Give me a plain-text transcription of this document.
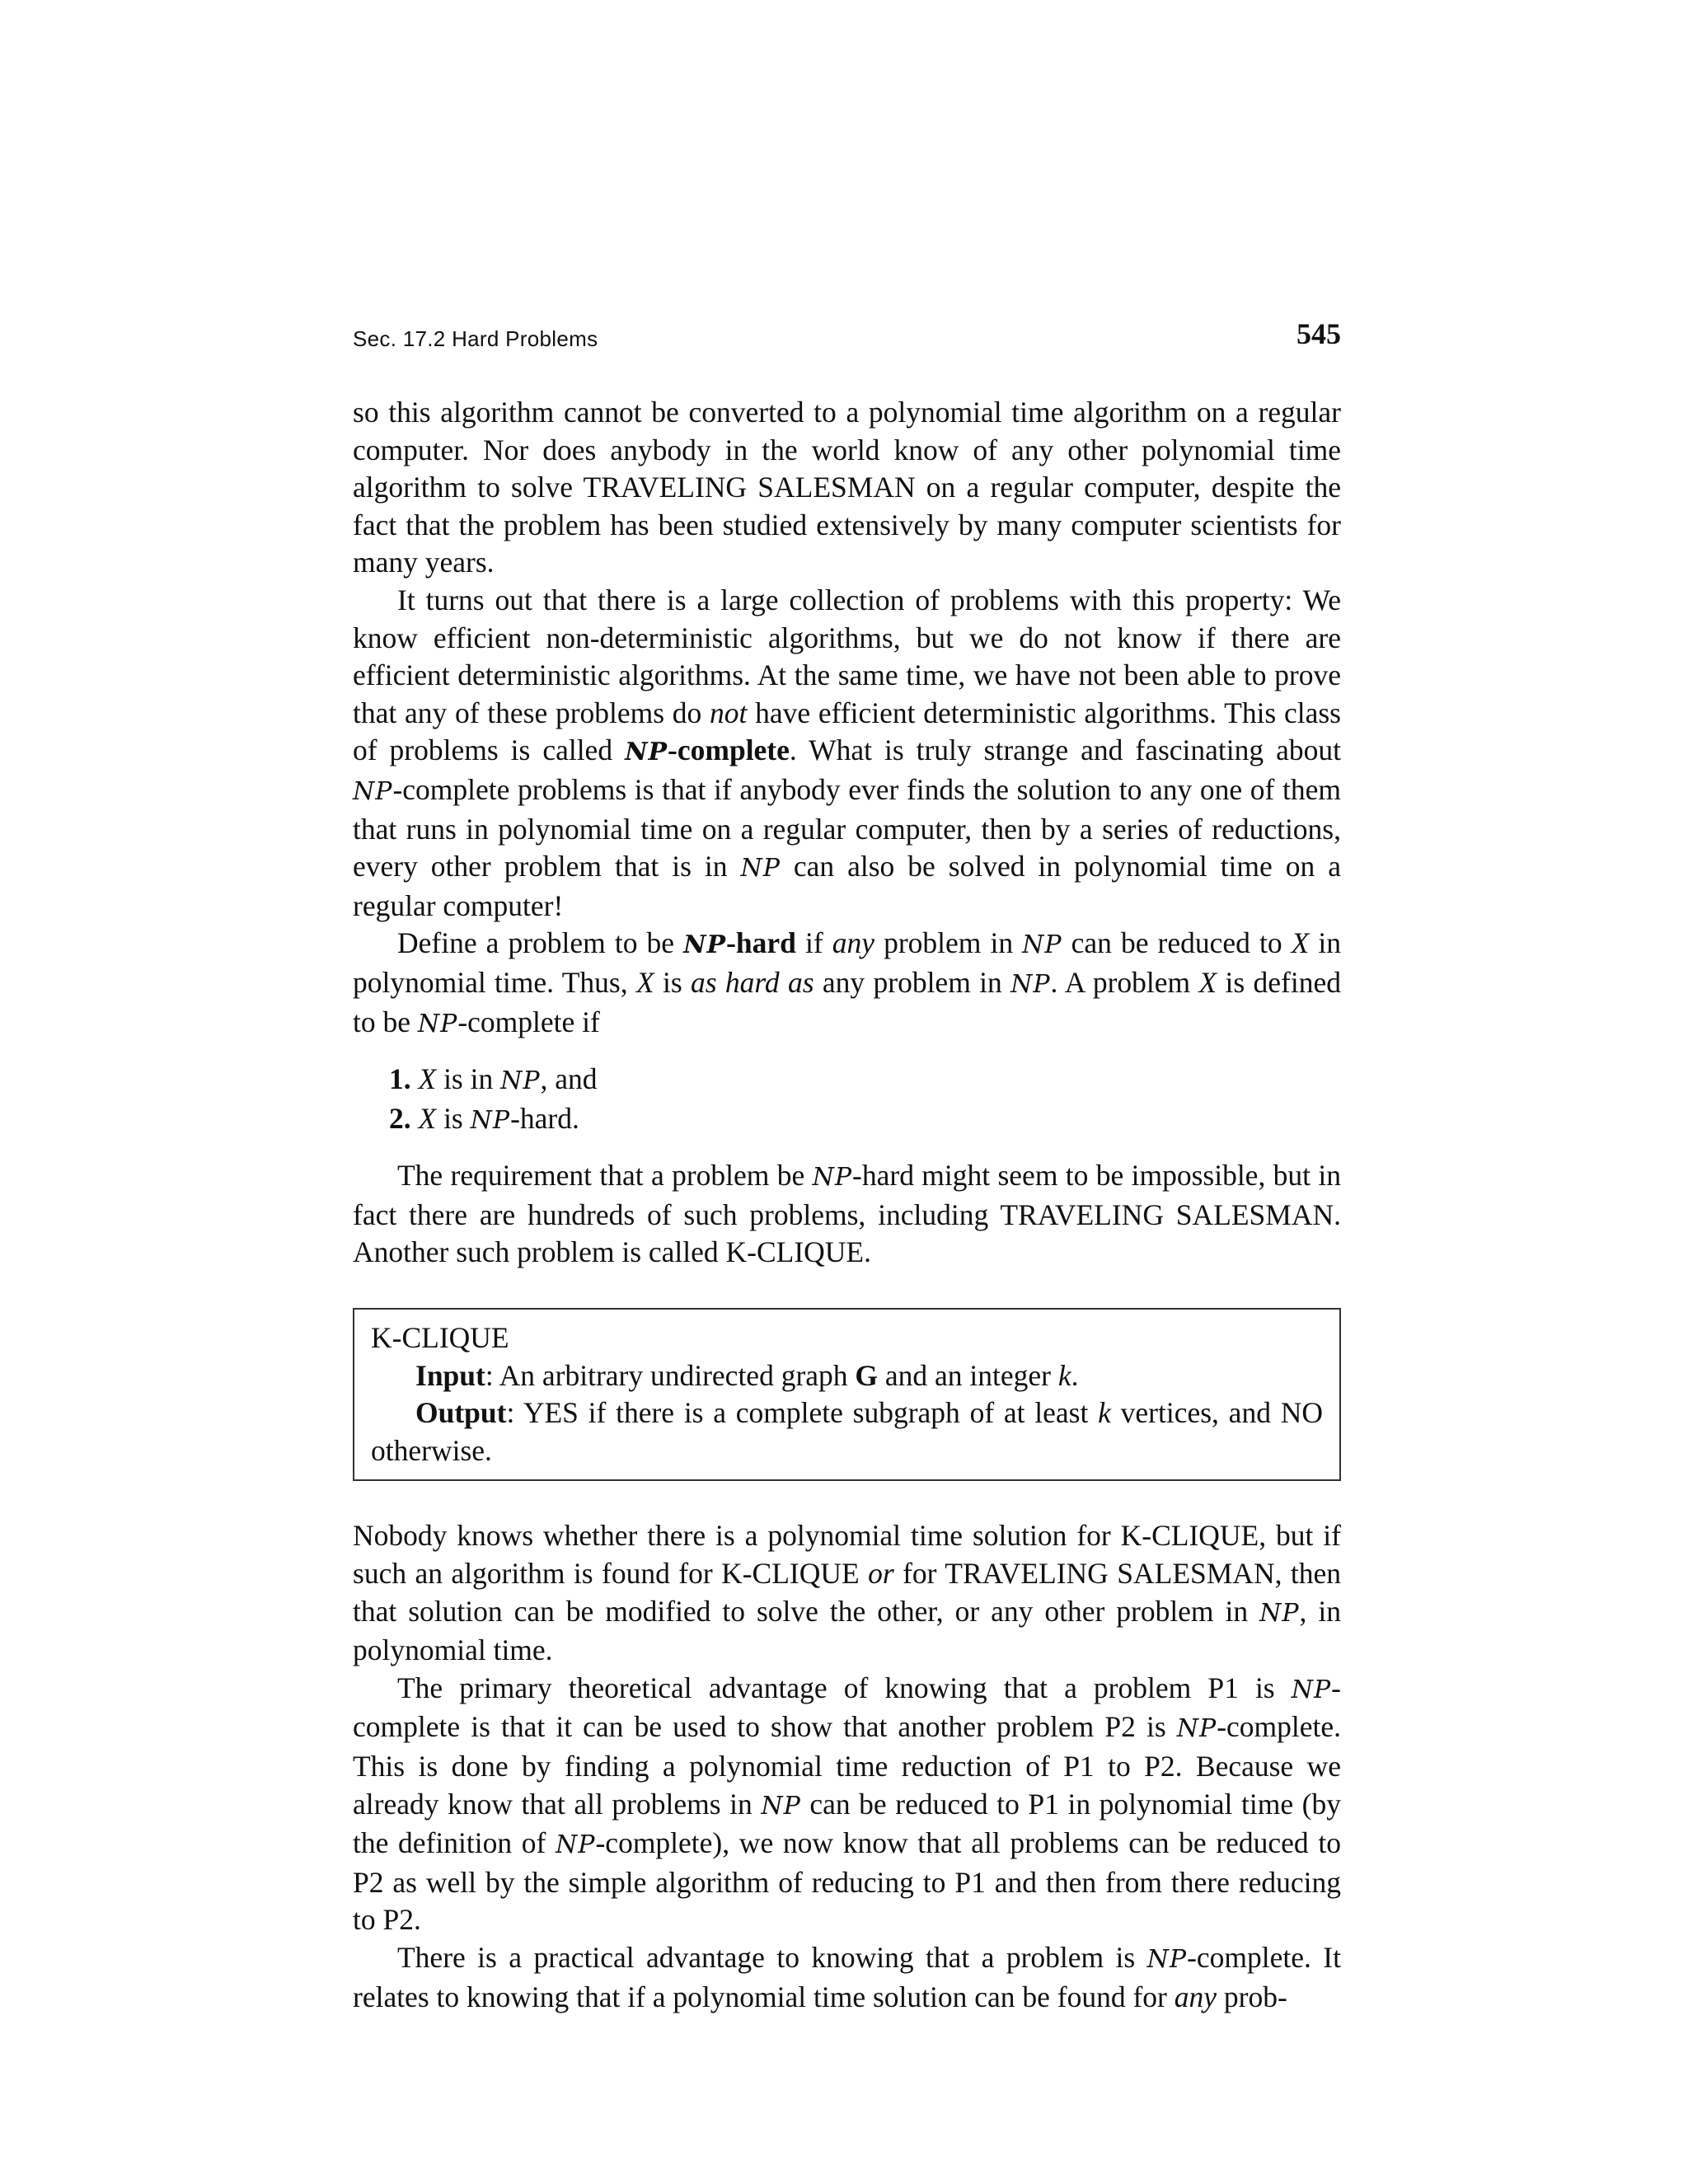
Sec. 17.2 Hard Problems	545

so this algorithm cannot be converted to a polynomial time algorithm on a regular computer. Nor does anybody in the world know of any other polynomial time algorithm to solve TRAVELING SALESMAN on a regular computer, despite the fact that the problem has been studied extensively by many computer scientists for many years.

It turns out that there is a large collection of problems with this property: We know efficient non-deterministic algorithms, but we do not know if there are efficient deterministic algorithms. At the same time, we have not been able to prove that any of these problems do not have efficient deterministic algorithms. This class of problems is called NP-complete. What is truly strange and fascinating about NP-complete problems is that if anybody ever finds the solution to any one of them that runs in polynomial time on a regular computer, then by a series of reductions, every other problem that is in NP can also be solved in polynomial time on a regular computer!

Define a problem to be NP-hard if any problem in NP can be reduced to X in polynomial time. Thus, X is as hard as any problem in NP. A problem X is defined to be NP-complete if

1. X is in NP, and
2. X is NP-hard.

The requirement that a problem be NP-hard might seem to be impossible, but in fact there are hundreds of such problems, including TRAVELING SALESMAN. Another such problem is called K-CLIQUE.

K-CLIQUE
Input: An arbitrary undirected graph G and an integer k.
Output: YES if there is a complete subgraph of at least k vertices, and NO otherwise.

Nobody knows whether there is a polynomial time solution for K-CLIQUE, but if such an algorithm is found for K-CLIQUE or for TRAVELING SALESMAN, then that solution can be modified to solve the other, or any other problem in NP, in polynomial time.

The primary theoretical advantage of knowing that a problem P1 is NP-complete is that it can be used to show that another problem P2 is NP-complete. This is done by finding a polynomial time reduction of P1 to P2. Because we already know that all problems in NP can be reduced to P1 in polynomial time (by the definition of NP-complete), we now know that all problems can be reduced to P2 as well by the simple algorithm of reducing to P1 and then from there reducing to P2.

There is a practical advantage to knowing that a problem is NP-complete. It relates to knowing that if a polynomial time solution can be found for any prob-
